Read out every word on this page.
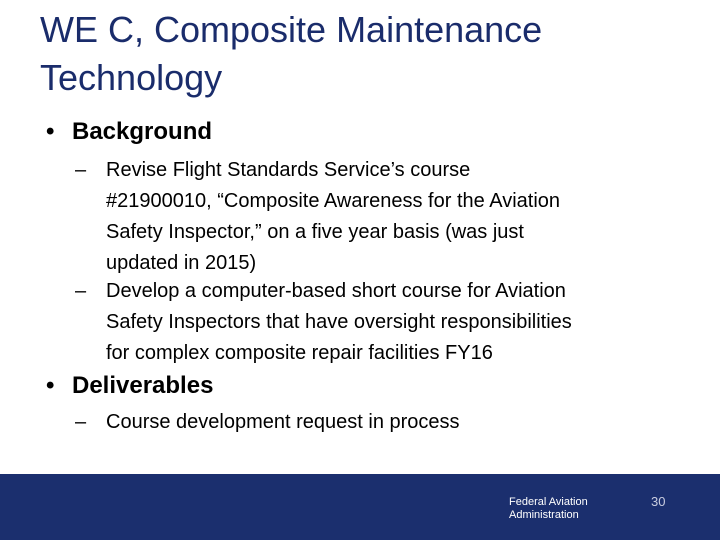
WE C, Composite Maintenance
Technology
• Background
– Revise Flight Standards Service’s course
#21900010, “Composite Awareness for the Aviation
Safety Inspector,” on a five year basis (was just
updated in 2015)
– Develop a computer-based short course for Aviation
Safety Inspectors that have oversight responsibilities
for complex composite repair facilities FY16
• Deliverables
– Course development request in process
Federal Aviation
Administration
30
